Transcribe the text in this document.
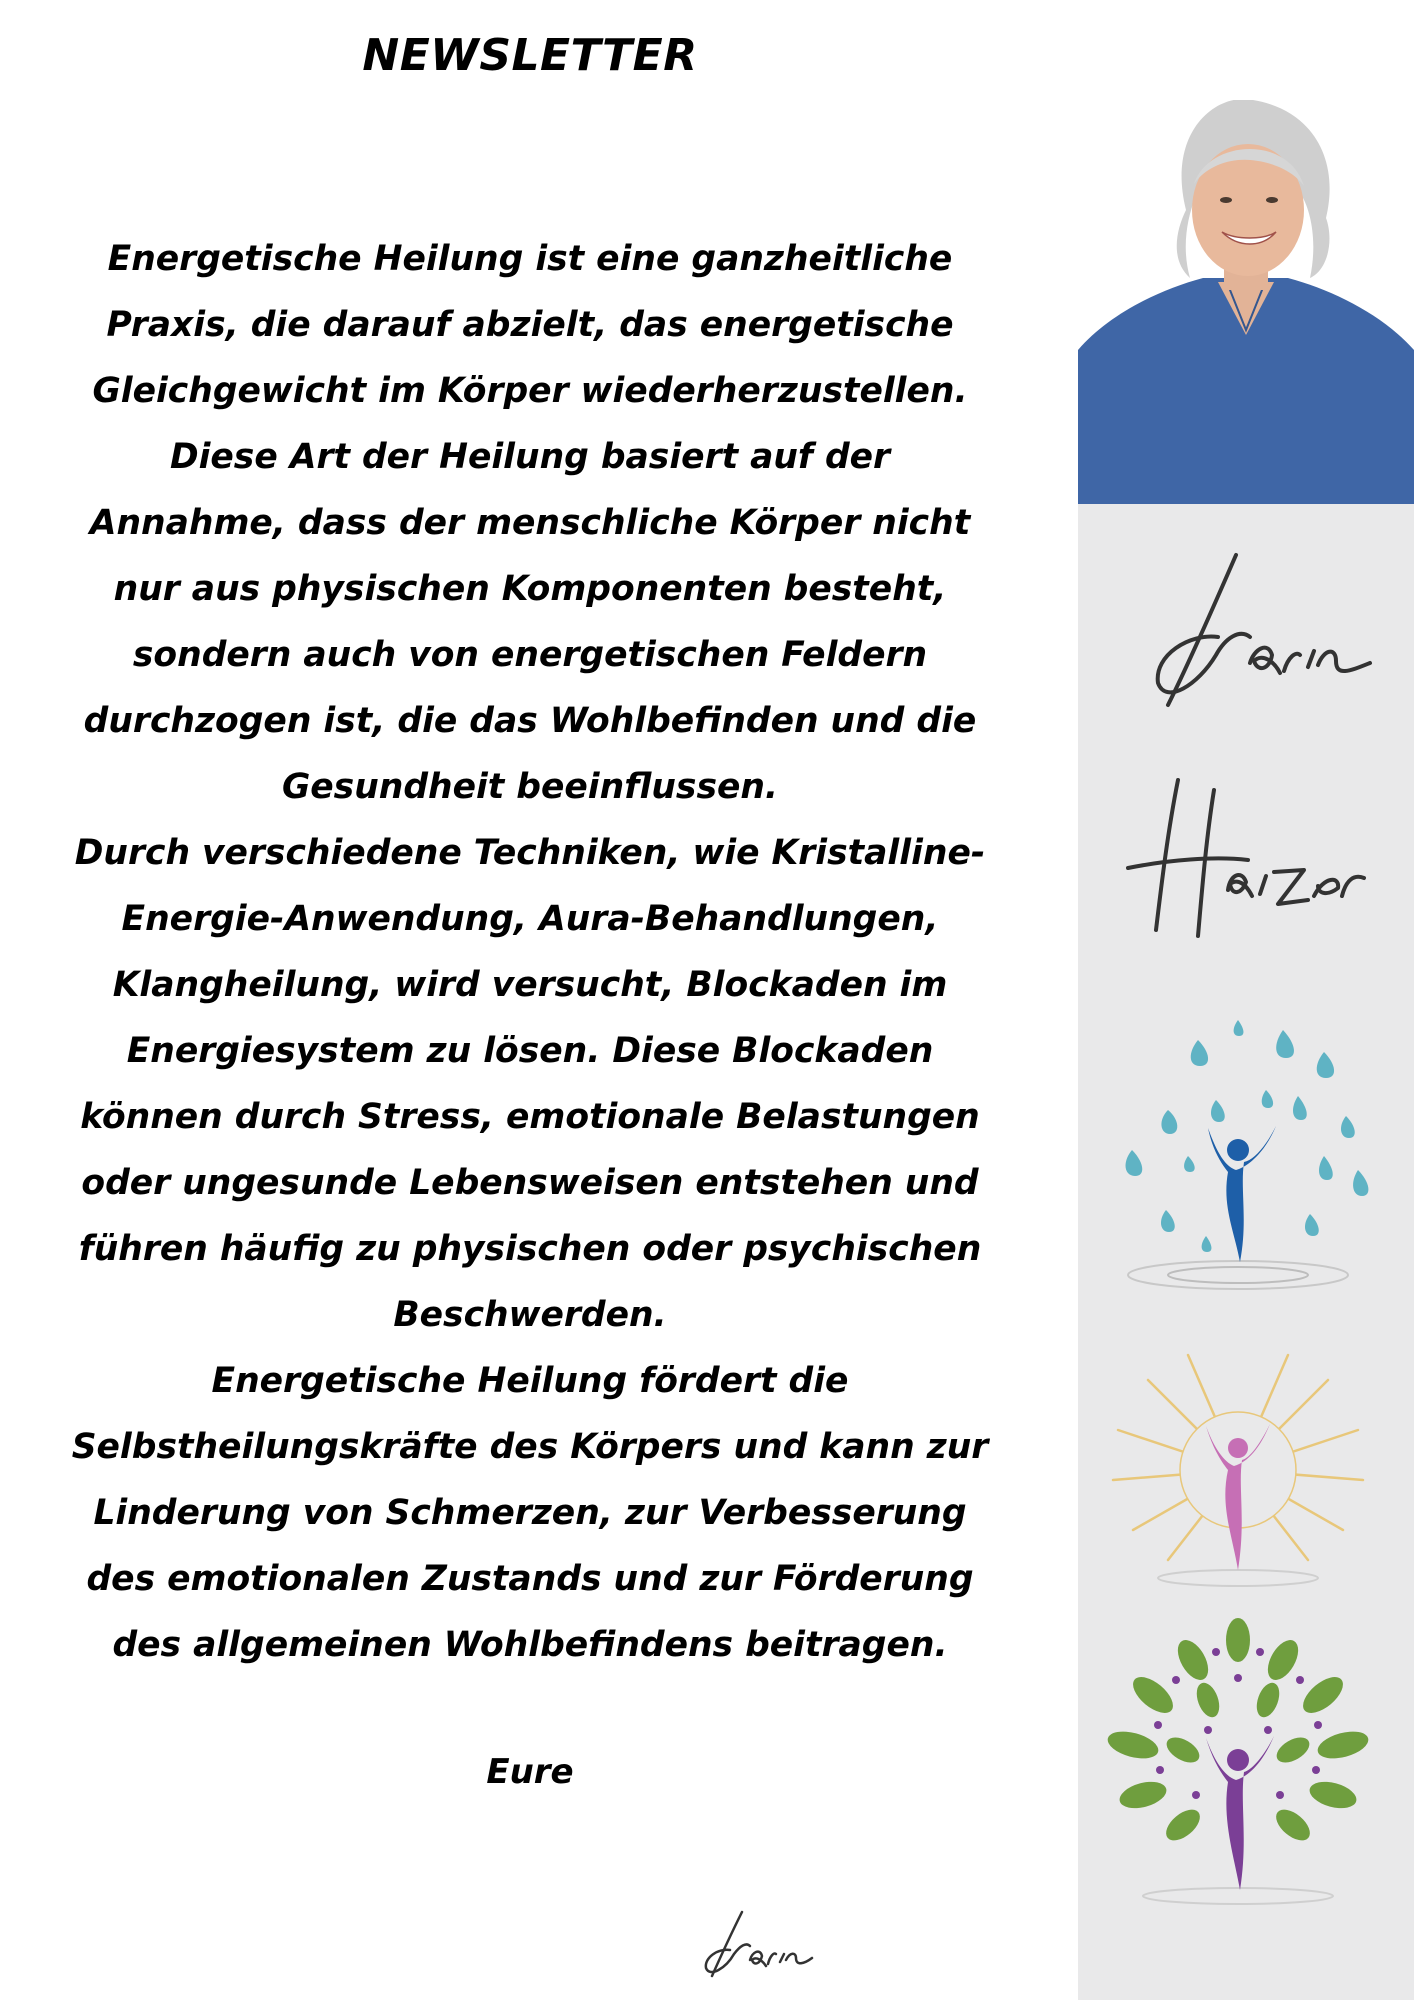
NEWSLETTER
Energetische Heilung ist eine ganzheitliche
Praxis, die darauf abzielt, das energetische
Gleichgewicht im Körper wiederherzustellen.
Diese Art der Heilung basiert auf der
Annahme, dass der menschliche Körper nicht
nur aus physischen Komponenten besteht,
sondern auch von energetischen Feldern
durchzogen ist, die das Wohlbefinden und die
Gesundheit beeinflussen.
Durch verschiedene Techniken, wie Kristalline-
Energie-Anwendung, Aura-Behandlungen,
Klangheilung, wird versucht, Blockaden im
Energiesystem zu lösen. Diese Blockaden
können durch Stress, emotionale Belastungen
oder ungesunde Lebensweisen entstehen und
führen häufig zu physischen oder psychischen
Beschwerden.
Energetische Heilung fördert die
Selbstheilungskräfte des Körpers und kann zur
Linderung von Schmerzen, zur Verbesserung
des emotionalen Zustands und zur Förderung
des allgemeinen Wohlbefindens beitragen.
Eure
